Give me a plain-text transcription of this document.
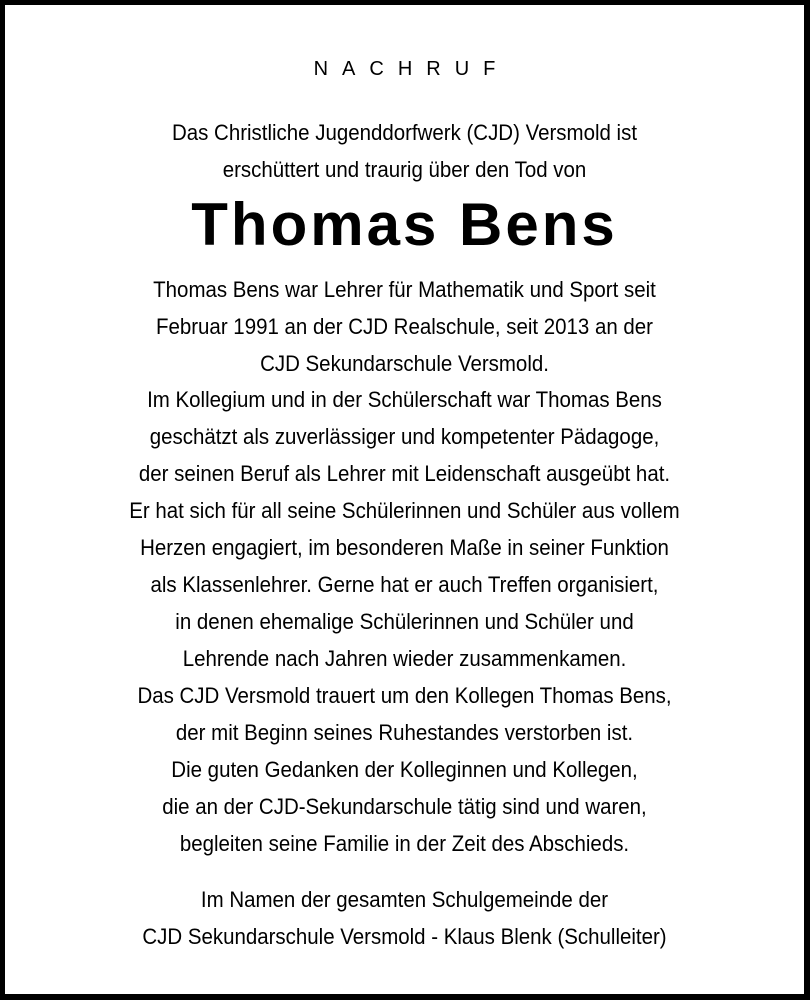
NACHRUF
Das Christliche Jugenddorfwerk (CJD) Versmold ist
erschüttert und traurig über den Tod von
Thomas Bens
Thomas Bens war Lehrer für Mathematik und Sport seit
Februar 1991 an der CJD Realschule, seit 2013 an der
CJD Sekundarschule Versmold.
Im Kollegium und in der Schülerschaft war Thomas Bens
geschätzt als zuverlässiger und kompetenter Pädagoge,
der seinen Beruf als Lehrer mit Leidenschaft ausgeübt hat.
Er hat sich für all seine Schülerinnen und Schüler aus vollem
Herzen engagiert, im besonderen Maße in seiner Funktion
als Klassenlehrer. Gerne hat er auch Treffen organisiert,
in denen ehemalige Schülerinnen und Schüler und
Lehrende nach Jahren wieder zusammenkamen.
Das CJD Versmold trauert um den Kollegen Thomas Bens,
der mit Beginn seines Ruhestandes verstorben ist.
Die guten Gedanken der Kolleginnen und Kollegen,
die an der CJD-Sekundarschule tätig sind und waren,
begleiten seine Familie in der Zeit des Abschieds.
Im Namen der gesamten Schulgemeinde der
CJD Sekundarschule Versmold - Klaus Blenk (Schulleiter)
